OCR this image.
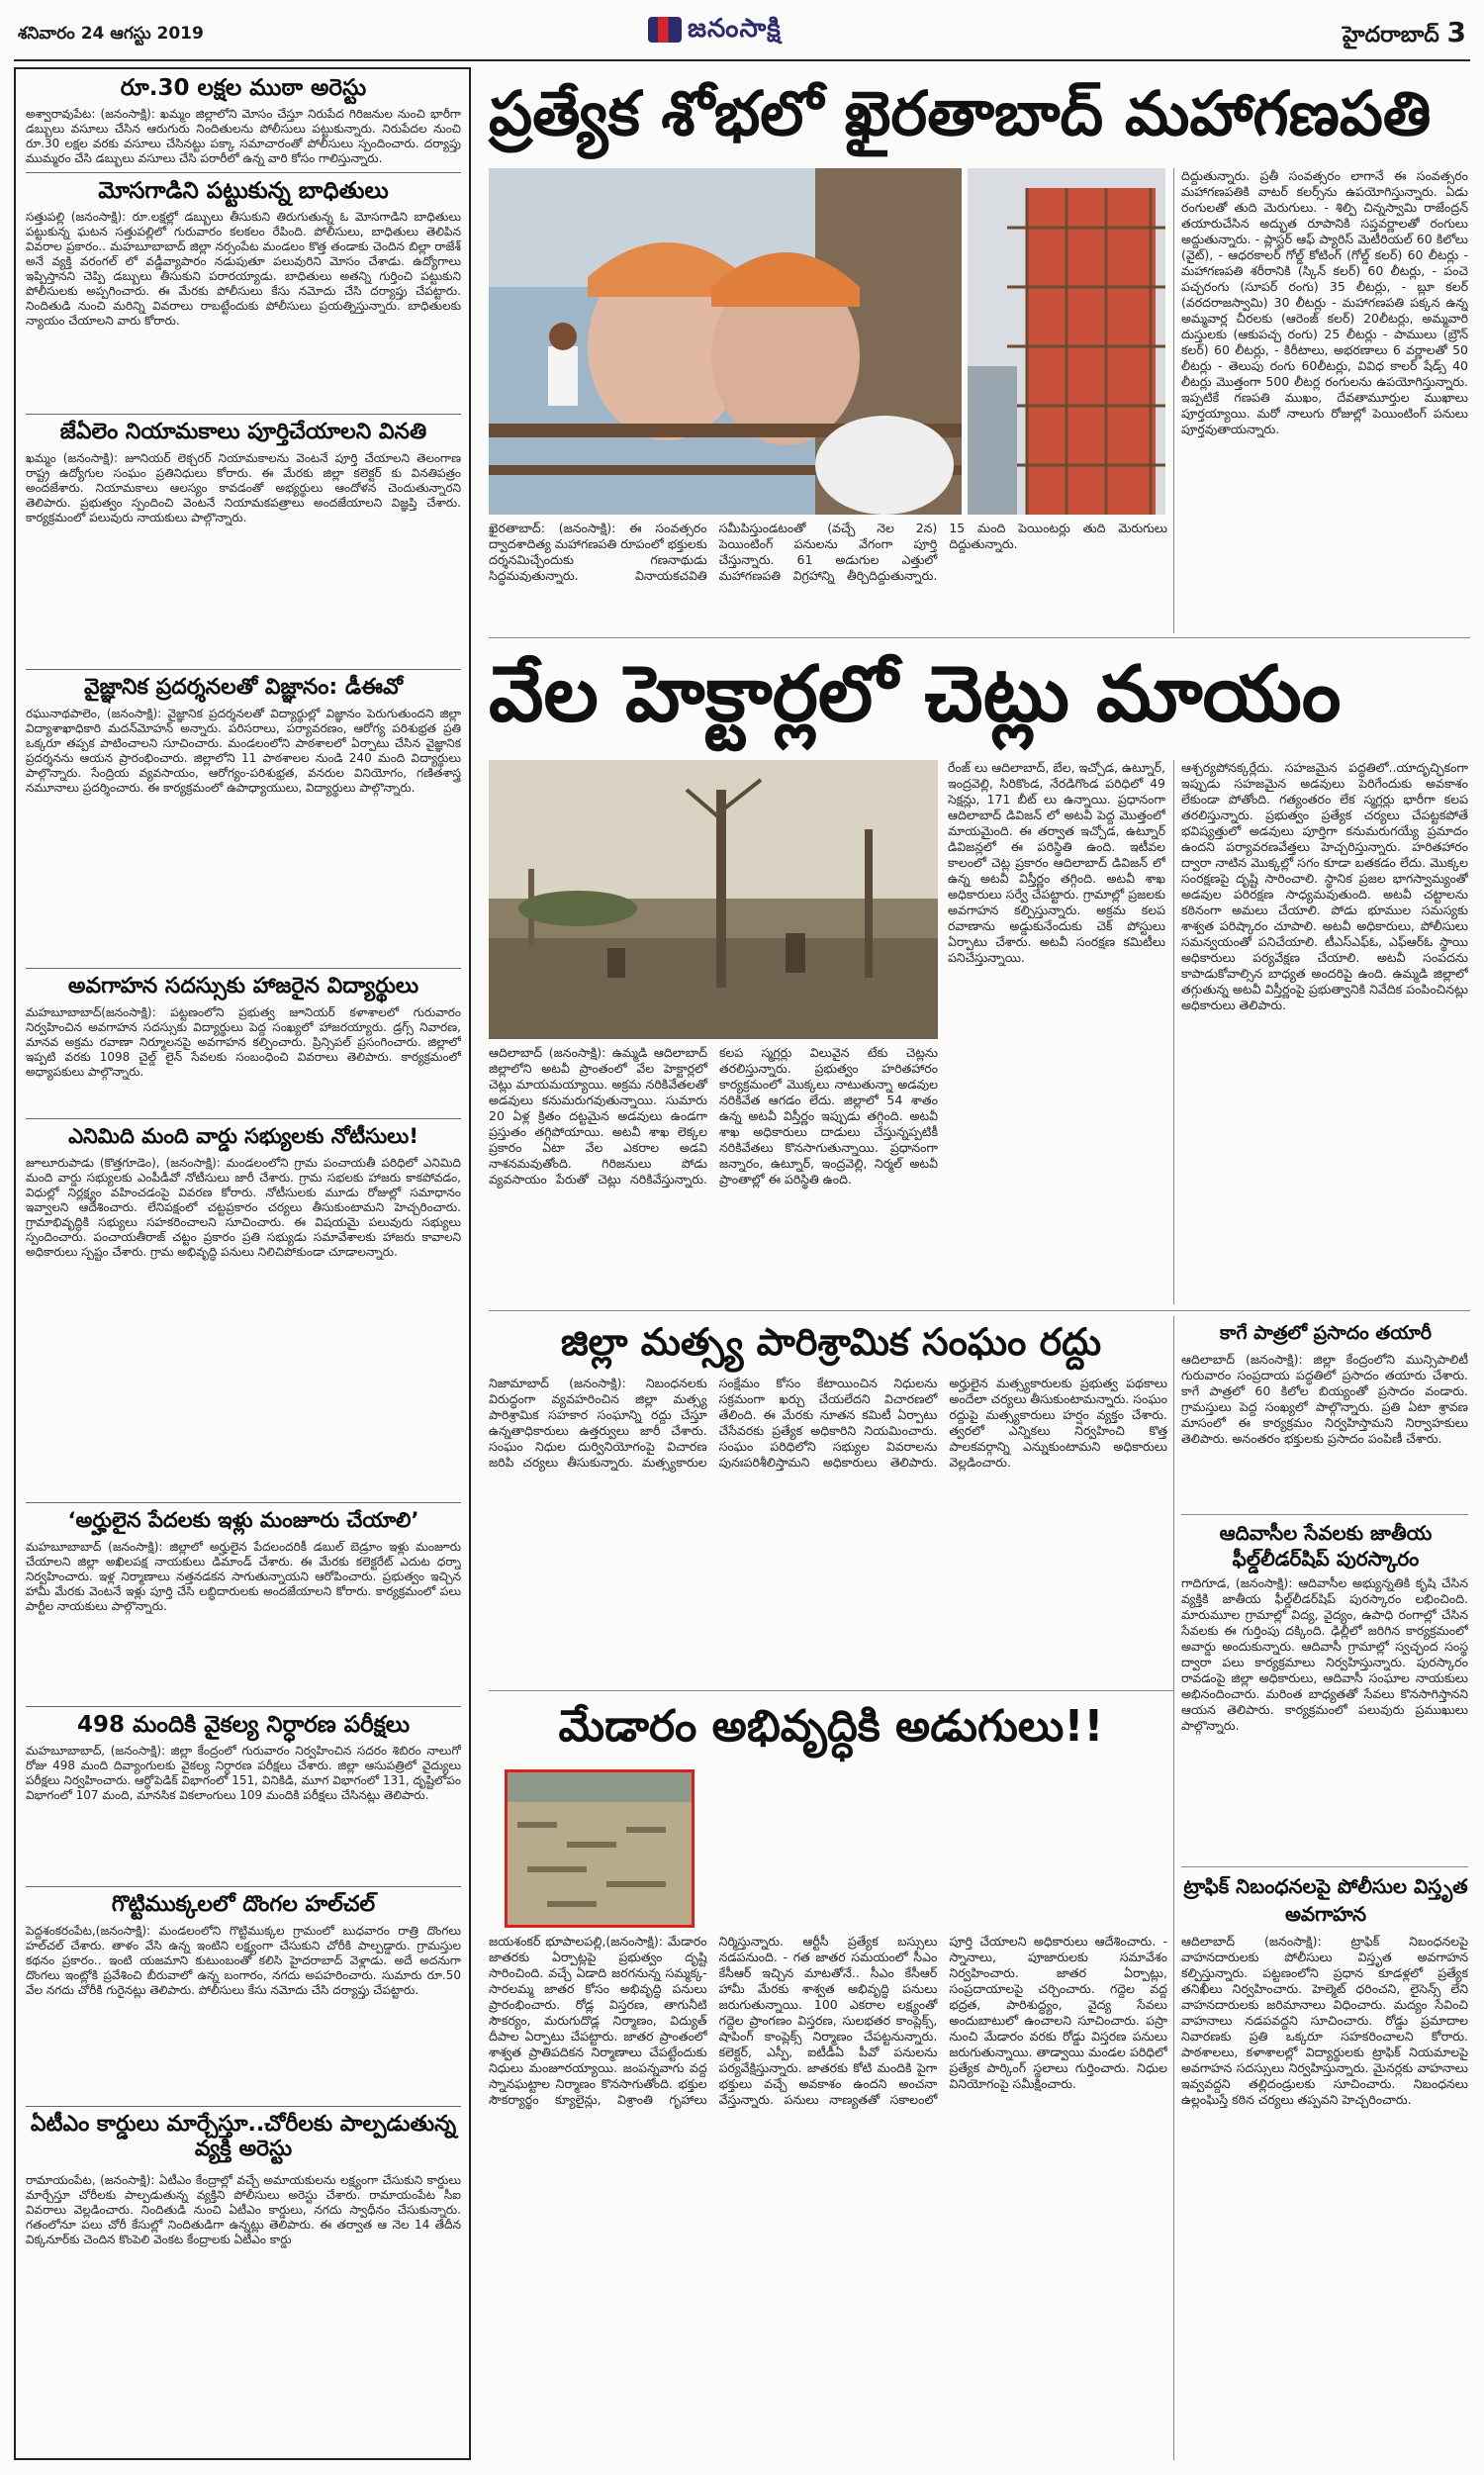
శనివారం 24 ఆగస్టు 2019	జనంసాక్షి	హైదరాబాద్ 3
రూ.30 లక్షల ముఠా అరెస్టు
అశ్వారావుపేట: (జనంసాక్షి): ఖమ్మం జిల్లాలోని మోసం చేస్తూ నిరుపేద గిరిజనుల నుంచి భారీగా డబ్బులు వసూలు చేసిన ఆరుగురు నిందితులను పోలీసులు పట్టుకున్నారు. నిరుపేదల నుంచి రూ.30 లక్షల వరకు వసూలు చేసినట్టు పక్కా సమాచారంతో పోలీసులు స్పందించారు. దర్యాప్తు ముమ్మరం చేసి డబ్బులు వసూలు చేసి పరారీలో ఉన్న వారి కోసం గాలిస్తున్నారు.
మోసగాడిని పట్టుకున్న బాధితులు
సత్తుపల్లి (జనంసాక్షి): రూ.లక్షల్లో డబ్బులు తీసుకుని తిరుగుతున్న ఓ మోసగాడిని బాధితులు పట్టుకున్న ఘటన సత్తుపల్లిలో గురువారం కలకలం రేపింది. పోలీసులు, బాధితులు తెలిపిన వివరాల ప్రకారం.. మహబూబాబాద్ జిల్లా నర్సంపేట మండలం కొత్త తండాకు చెందిన బిల్లా రాజేశ్ అనే వ్యక్తి వరంగల్ లో వడ్డీవ్యాపారం నడుపుతూ పలువురిని మోసం చేశాడు. ఉద్యోగాలు ఇప్పిస్తానని చెప్పి డబ్బులు తీసుకుని పరారయ్యాడు. బాధితులు అతన్ని గుర్తించి పట్టుకుని పోలీసులకు అప్పగించారు. ఈ మేరకు పోలీసులు కేసు నమోదు చేసి దర్యాప్తు చేపట్టారు. నిందితుడి నుంచి మరిన్ని వివరాలు రాబట్టేందుకు పోలీసులు ప్రయత్నిస్తున్నారు. బాధితులకు న్యాయం చేయాలని వారు కోరారు.
జేఏలెం నియామకాలు పూర్తిచేయాలని వినతి
ఖమ్మం (జనంసాక్షి): జూనియర్ లెక్చరర్ నియామకాలను వెంటనే పూర్తి చేయాలని తెలంగాణ రాష్ట్ర ఉద్యోగుల సంఘం ప్రతినిధులు కోరారు. ఈ మేరకు జిల్లా కలెక్టర్ కు వినతిపత్రం అందజేశారు. నియామకాలు ఆలస్యం కావడంతో అభ్యర్థులు ఆందోళన చెందుతున్నారని తెలిపారు. ప్రభుత్వం స్పందించి వెంటనే నియామకపత్రాలు అందజేయాలని విజ్ఞప్తి చేశారు. కార్యక్రమంలో పలువురు నాయకులు పాల్గొన్నారు.
వైజ్ఞానిక ప్రదర్శనలతో విజ్ఞానం: డీఈవో
రఘునాథపాలెం, (జనంసాక్షి): వైజ్ఞానిక ప్రదర్శనలతో విద్యార్థుల్లో విజ్ఞానం పెరుగుతుందని జిల్లా విద్యాశాఖాధికారి మదన్‌మోహన్ అన్నారు. పరిసరాలు, పర్యావరణం, ఆరోగ్య పరిశుభ్రత ప్రతి ఒక్కరూ తప్పక పాటించాలని సూచించారు. మండలంలోని పాఠశాలలో ఏర్పాటు చేసిన వైజ్ఞానిక ప్రదర్శనను ఆయన ప్రారంభించారు. జిల్లాలోని 11 పాఠశాలల నుండి 240 మంది విద్యార్థులు పాల్గొన్నారు. సేంద్రియ వ్యవసాయం, ఆరోగ్యం-పరిశుభ్రత, వనరుల వినియోగం, గణితశాస్త్ర నమూనాలు ప్రదర్శించారు. ఈ కార్యక్రమంలో ఉపాధ్యాయులు, విద్యార్థులు పాల్గొన్నారు.
అవగాహన సదస్సుకు హాజరైన విద్యార్థులు
మహబూబాబాద్(జనంసాక్షి): పట్టణంలోని ప్రభుత్వ జూనియర్ కళాశాలలో గురువారం నిర్వహించిన అవగాహన సదస్సుకు విద్యార్థులు పెద్ద సంఖ్యలో హాజరయ్యారు. డ్రగ్స్ నివారణ, మానవ అక్రమ రవాణా నిర్మూలనపై అవగాహన కల్పించారు. ప్రిన్సిపల్ ప్రసంగించారు. జిల్లాలో ఇప్పటి వరకు 1098 చైల్డ్ లైన్ సేవలకు సంబంధించి వివరాలు తెలిపారు. కార్యక్రమంలో అధ్యాపకులు పాల్గొన్నారు.
ఎనిమిది మంది వార్డు సభ్యులకు నోటీసులు!
జూలూరుపాడు (కొత్తగూడెం), (జనంసాక్షి): మండలంలోని గ్రామ పంచాయతీ పరిధిలో ఎనిమిది మంది వార్డు సభ్యులకు ఎంపీడీవో నోటీసులు జారీ చేశారు. గ్రామ సభలకు హాజరు కాకపోవడం, విధుల్లో నిర్లక్ష్యం వహించడంపై వివరణ కోరారు. నోటీసులకు మూడు రోజుల్లో సమాధానం ఇవ్వాలని ఆదేశించారు. లేనిపక్షంలో చట్టప్రకారం చర్యలు తీసుకుంటామని హెచ్చరించారు. గ్రామాభివృద్ధికి సభ్యులు సహకరించాలని సూచించారు. ఈ విషయమై పలువురు సభ్యులు స్పందించారు. పంచాయతీరాజ్ చట్టం ప్రకారం ప్రతి సభ్యుడు సమావేశాలకు హాజరు కావాలని అధికారులు స్పష్టం చేశారు. గ్రామ అభివృద్ధి పనులు నిలిచిపోకుండా చూడాలన్నారు.
‘అర్హులైన పేదలకు ఇళ్లు మంజూరు చేయాలి’
మహబూబాబాద్ (జనంసాక్షి): జిల్లాలో అర్హులైన పేదలందరికీ డబుల్ బెడ్రూం ఇళ్లు మంజూరు చేయాలని జిల్లా అఖిలపక్ష నాయకులు డిమాండ్ చేశారు. ఈ మేరకు కలెక్టరేట్ ఎదుట ధర్నా నిర్వహించారు. ఇళ్ల నిర్మాణాలు నత్తనడకన సాగుతున్నాయని ఆరోపించారు. ప్రభుత్వం ఇచ్చిన హామీ మేరకు వెంటనే ఇళ్లు పూర్తి చేసి లబ్ధిదారులకు అందజేయాలని కోరారు. కార్యక్రమంలో పలు పార్టీల నాయకులు పాల్గొన్నారు.
498 మందికి వైకల్య నిర్ధారణ పరీక్షలు
మహబూబాబాద్, (జనంసాక్షి): జిల్లా కేంద్రంలో గురువారం నిర్వహించిన సదరం శిబిరం నాలుగో రోజు 498 మంది దివ్యాంగులకు వైకల్య నిర్ధారణ పరీక్షలు చేశారు. జిల్లా ఆసుపత్రిలో వైద్యులు పరీక్షలు నిర్వహించారు. ఆర్థోపెడిక్ విభాగంలో 151, వినికిడి, మూగ విభాగంలో 131, దృష్టిలోపం విభాగంలో 107 మంది, మానసిక వికలాంగులు 109 మందికి పరీక్షలు చేసినట్లు తెలిపారు.
గొట్టిముక్కలలో దొంగల హల్‌చల్
పెద్దశంకరంపేట,(జనంసాక్షి): మండలంలోని గొట్టిముక్కల గ్రామంలో బుధవారం రాత్రి దొంగలు హల్‌చల్ చేశారు. తాళం వేసి ఉన్న ఇంటిని లక్ష్యంగా చేసుకుని చోరీకి పాల్పడ్డారు. గ్రామస్తుల కథనం ప్రకారం.. ఇంటి యజమాని కుటుంబంతో కలిసి హైదరాబాద్ వెళ్లాడు. అదే అదనుగా దొంగలు ఇంట్లోకి ప్రవేశించి బీరువాలో ఉన్న బంగారం, నగదు అపహరించారు. సుమారు రూ.50 వేల నగదు చోరీకి గురైనట్లు తెలిపారు. పోలీసులు కేసు నమోదు చేసి దర్యాప్తు చేపట్టారు.
ఏటీఎం కార్డులు మార్చేస్తూ..చోరీలకు పాల్పడుతున్న వ్యక్తి అరెస్టు
రామాయంపేట, (జనంసాక్షి): ఏటీఎం కేంద్రాల్లో వచ్చే అమాయకులను లక్ష్యంగా చేసుకుని కార్డులు మార్చేస్తూ చోరీలకు పాల్పడుతున్న వ్యక్తిని పోలీసులు అరెస్టు చేశారు. రామాయంపేట సీఐ వివరాలు వెల్లడించారు. నిందితుడి నుంచి ఏటీఎం కార్డులు, నగదు స్వాధీనం చేసుకున్నారు. గతంలోనూ పలు చోరీ కేసుల్లో నిందితుడిగా ఉన్నట్లు తెలిపారు. ఈ తర్వాత ఆ నెల 14 తేదీన విక్కనూర్‌కు చెందిన కొంపెలి వెంకట కేంద్రాలకు ఏటీఎం కార్డు
ప్రత్యేక శోభలో ఖైరతాబాద్ మహాగణపతి
ఖైరతాబాద్: (జనంసాక్షి): ఈ సంవత్సరం ద్వాదశాదిత్య మహాగణపతి రూపంలో భక్తులకు దర్శనమిచ్చేందుకు గణనాథుడు సిద్ధమవుతున్నారు. వినాయకచవితి సమీపిస్తుండటంతో (వచ్చే నెల 2న) పెయింటింగ్ పనులను వేగంగా పూర్తి చేస్తున్నారు. 61 అడుగుల ఎత్తులో మహాగణపతి విగ్రహాన్ని తీర్చిదిద్దుతున్నారు. 15 మంది పెయింటర్లు తుది మెరుగులు దిద్దుతున్నారు.
దిద్దుతున్నారు. ప్రతీ సంవత్సరం లాగానే ఈ సంవత్సరం మహాగణపతికి వాటర్ కలర్స్‌ను ఉపయోగిస్తున్నారు. ఏడు రంగులతో తుది మెరుగులు. - శిల్పి చిన్నస్వామి రాజేంద్రన్ తయారుచేసిన అద్భుత రూపానికి సప్తవర్ణాలతో రంగులు అద్దుతున్నారు. - ప్లాస్టర్ ఆఫ్ ప్యారిస్ మెటీరియల్ 60 కిలోలు (వైట్), - ఆధరకాలర్ గోల్డ్ కోటింగ్ (గోల్డ్ కలర్) 60 లీటర్లు - మహాగణపతి శరీరానికి (స్కిన్ కలర్) 60 లీటర్లు, - పంచె పచ్చరంగు (సూపర్ రంగు) 35 లీటర్లు, - బ్లూ కలర్ (వరదరాజస్వామి) 30 లీటర్లు - మహాగణపతి పక్కన ఉన్న అమ్మవార్ల చీరలకు (ఆరెంజ్ కలర్) 20లీటర్లు, అమ్మవారి దుస్తులకు (ఆకుపచ్చ రంగు) 25 లీటర్లు - పాములు (బ్రౌన్ కలర్) 60 లీటర్లు, - కిరీటాలు, అభరణాలు 6 వర్ణాలతో 50 లీటర్లు - తెలుపు రంగు 60లీటర్లు, వివిధ కాలర్ షేడ్స్ 40 లీటర్లు మొత్తంగా 500 లీటర్ల రంగులను ఉపయోగిస్తున్నారు. ఇప్పటికే గణపతి ముఖం, దేవతామూర్తుల ముఖాలు పూర్తయ్యాయి. మరో నాలుగు రోజుల్లో పెయింటింగ్ పనులు పూర్తవుతాయన్నారు.
వేల హెక్టార్లలో చెట్లు మాయం
ఆదిలాబాద్ (జనంసాక్షి): ఉమ్మడి ఆదిలాబాద్ జిల్లాలోని అటవీ ప్రాంతంలో వేల హెక్టార్లలో చెట్లు మాయమయ్యాయి. అక్రమ నరికివేతలతో అడవులు కనుమరుగవుతున్నాయి. సుమారు 20 ఏళ్ల క్రితం దట్టమైన అడవులు ఉండగా ప్రస్తుతం తగ్గిపోయాయి. అటవీ శాఖ లెక్కల ప్రకారం ఏటా వేల ఎకరాల అడవి నాశనమవుతోంది. గిరిజనులు పోడు వ్యవసాయం పేరుతో చెట్లు నరికివేస్తున్నారు. కలప స్మగ్లర్లు విలువైన టేకు చెట్లను తరలిస్తున్నారు. ప్రభుత్వం హరితహారం కార్యక్రమంలో మొక్కలు నాటుతున్నా అడవుల నరికివేత ఆగడం లేదు. జిల్లాలో 54 శాతం ఉన్న అటవీ విస్తీర్ణం ఇప్పుడు తగ్గింది. అటవీ శాఖ అధికారులు దాడులు చేస్తున్నప్పటికీ నరికివేతలు కొనసాగుతున్నాయి. ప్రధానంగా జన్నారం, ఉట్నూర్, ఇంద్రవెల్లి, నిర్మల్ అటవీ ప్రాంతాల్లో ఈ పరిస్థితి ఉంది.
రేంజ్ లు ఆదిలాబాద్, బేల, ఇచ్చోడ, ఉట్నూర్, ఇంద్రవెల్లి, సిరికొండ, నేరడిగొండ పరిధిలో 49 సెక్షన్లు, 171 బీట్ లు ఉన్నాయి. ప్రధానంగా ఆదిలాబాద్ డివిజన్ లో అటవీ పెద్ద మొత్తంలో మాయమైంది. ఈ తర్వాత ఇచ్చోడ, ఉట్నూర్ డివిజన్లలో ఈ పరిస్థితి ఉంది. ఇటీవల కాలంలో చెట్ల ప్రకారం ఆదిలాబాద్ డివిజన్ లో ఉన్న అటవీ విస్తీర్ణం తగ్గింది. అటవీ శాఖ అధికారులు సర్వే చేపట్టారు. గ్రామాల్లో ప్రజలకు అవగాహన కల్పిస్తున్నారు. అక్రమ కలప రవాణాను అడ్డుకునేందుకు చెక్ పోస్టులు ఏర్పాటు చేశారు. అటవీ సంరక్షణ కమిటీలు పనిచేస్తున్నాయి.
ఆశ్చర్యపోనక్కర్లేదు. సహజమైన పద్ధతిలో..యాదృచ్ఛికంగా ఇప్పుడు సహజమైన అడవులు పెరిగేందుకు అవకాశం లేకుండా పోతోంది. గత్యంతరం లేక స్మగ్లర్లు భారీగా కలప తరలిస్తున్నారు. ప్రభుత్వం ప్రత్యేక చర్యలు చేపట్టకపోతే భవిష్యత్తులో అడవులు పూర్తిగా కనుమరుగయ్యే ప్రమాదం ఉందని పర్యావరణవేత్తలు హెచ్చరిస్తున్నారు. హరితహారం ద్వారా నాటిన మొక్కల్లో సగం కూడా బతకడం లేదు. మొక్కల సంరక్షణపై దృష్టి సారించాలి. స్థానిక ప్రజల భాగస్వామ్యంతో అడవుల పరిరక్షణ సాధ్యమవుతుంది. అటవీ చట్టాలను కఠినంగా అమలు చేయాలి. పోడు భూముల సమస్యకు శాశ్వత పరిష్కారం చూపాలి. అటవీ అధికారులు, పోలీసులు సమన్వయంతో పనిచేయాలి. టీఎస్ఎఫ్ఓ, ఎఫ్‌ఆర్‌ఓ స్థాయి అధికారులు పర్యవేక్షణ చేయాలి. అటవీ సంపదను కాపాడుకోవాల్సిన బాధ్యత అందరిపై ఉంది. ఉమ్మడి జిల్లాలో తగ్గుతున్న అటవీ విస్తీర్ణంపై ప్రభుత్వానికి నివేదిక పంపించినట్లు అధికారులు తెలిపారు.
జిల్లా మత్స్య పారిశ్రామిక సంఘం రద్దు
నిజామాబాద్ (జనంసాక్షి): నిబంధనలకు విరుద్ధంగా వ్యవహరించిన జిల్లా మత్స్య పారిశ్రామిక సహకార సంఘాన్ని రద్దు చేస్తూ ఉన్నతాధికారులు ఉత్తర్వులు జారీ చేశారు. సంఘం నిధుల దుర్వినియోగంపై విచారణ జరిపి చర్యలు తీసుకున్నారు. మత్స్యకారుల సంక్షేమం కోసం కేటాయించిన నిధులను సక్రమంగా ఖర్చు చేయలేదని విచారణలో తేలింది. ఈ మేరకు నూతన కమిటీ ఏర్పాటు చేసేవరకు ప్రత్యేక అధికారిని నియమించారు. సంఘం పరిధిలోని సభ్యుల వివరాలను పునఃపరిశీలిస్తామని అధికారులు తెలిపారు. అర్హులైన మత్స్యకారులకు ప్రభుత్వ పథకాలు అందేలా చర్యలు తీసుకుంటామన్నారు. సంఘం రద్దుపై మత్స్యకారులు హర్షం వ్యక్తం చేశారు. త్వరలో ఎన్నికలు నిర్వహించి కొత్త పాలకవర్గాన్ని ఎన్నుకుంటామని అధికారులు వెల్లడించారు.
మేడారం అభివృద్ధికి అడుగులు!!
జయశంకర్ భూపాలపల్లి,(జనంసాక్షి): మేడారం జాతరకు ఏర్పాట్లపై ప్రభుత్వం దృష్టి సారించింది. వచ్చే ఏడాది జరగనున్న సమ్మక్క-సారలమ్మ జాతర కోసం అభివృద్ధి పనులు ప్రారంభించారు. రోడ్ల విస్తరణ, తాగునీటి సౌకర్యం, మరుగుదొడ్ల నిర్మాణం, విద్యుత్ దీపాల ఏర్పాటు చేపట్టారు. జాతర ప్రాంతంలో శాశ్వత ప్రాతిపదికన నిర్మాణాలు చేపట్టేందుకు నిధులు మంజూరయ్యాయి. జంపన్నవాగు వద్ద స్నానఘట్టాల నిర్మాణం కొనసాగుతోంది. భక్తుల సౌకర్యార్థం క్యూలైన్లు, విశ్రాంతి గృహాలు నిర్మిస్తున్నారు. ఆర్టీసీ ప్రత్యేక బస్సులు నడపనుంది. - గత జాతర సమయంలో సీఎం కేసీఆర్ ఇచ్చిన మాటతోనే.. సీఎం కేసీఆర్ హామీ మేరకు శాశ్వత అభివృద్ధి పనులు జరుగుతున్నాయి. 100 ఎకరాల లక్ష్యంతో గద్దెల ప్రాంగణం విస్తరణ, సులభతర కాంప్లెక్స్, షాపింగ్ కాంప్లెక్స్ నిర్మాణం చేపట్టనున్నారు. కలెక్టర్, ఎస్పీ, ఐటీడీఏ పీవో పనులను పర్యవేక్షిస్తున్నారు. జాతరకు కోటి మందికి పైగా భక్తులు వచ్చే అవకాశం ఉందని అంచనా వేస్తున్నారు. పనులు నాణ్యతతో సకాలంలో పూర్తి చేయాలని అధికారులు ఆదేశించారు. - స్నానాలు, పూజారులకు సమావేశం నిర్వహించారు. జాతర ఏర్పాట్లు, సంప్రదాయాలపై చర్చించారు. గద్దెల వద్ద భద్రత, పారిశుద్ధ్యం, వైద్య సేవలు అందుబాటులో ఉంచాలని సూచించారు. పస్రా నుంచి మేడారం వరకు రోడ్డు విస్తరణ పనులు జరుగుతున్నాయి. తాడ్వాయి మండల పరిధిలో ప్రత్యేక పార్కింగ్ స్థలాలు గుర్తించారు. నిధుల వినియోగంపై సమీక్షించారు.
కాగే పాత్రలో ప్రసాదం తయారీ
ఆదిలాబాద్ (జనంసాక్షి): జిల్లా కేంద్రంలోని మున్సిపాలిటీ గురువారం సంప్రదాయ పద్ధతిలో ప్రసాదం తయారు చేశారు. కాగే పాత్రలో 60 కిలోల బియ్యంతో ప్రసాదం వండారు. గ్రామస్తులు పెద్ద సంఖ్యలో పాల్గొన్నారు. ప్రతి ఏటా శ్రావణ మాసంలో ఈ కార్యక్రమం నిర్వహిస్తామని నిర్వాహకులు తెలిపారు. అనంతరం భక్తులకు ప్రసాదం పంపిణీ చేశారు.
ఆదివాసీల సేవలకు జాతీయ ఫీల్డ్‌లీడర్‌షిప్ పురస్కారం
గాదిగూడ, (జనంసాక్షి): ఆదివాసీల అభ్యున్నతికి కృషి చేసిన వ్యక్తికి జాతీయ ఫీల్డ్‌లీడర్‌షిప్ పురస్కారం లభించింది. మారుమూల గ్రామాల్లో విద్య, వైద్యం, ఉపాధి రంగాల్లో చేసిన సేవలకు ఈ గుర్తింపు దక్కింది. ఢిల్లీలో జరిగిన కార్యక్రమంలో అవార్డు అందుకున్నారు. ఆదివాసీ గ్రామాల్లో స్వచ్ఛంద సంస్థ ద్వారా పలు కార్యక్రమాలు నిర్వహిస్తున్నారు. పురస్కారం రావడంపై జిల్లా అధికారులు, ఆదివాసీ సంఘాల నాయకులు అభినందించారు. మరింత బాధ్యతతో సేవలు కొనసాగిస్తానని ఆయన తెలిపారు. కార్యక్రమంలో పలువురు ప్రముఖులు పాల్గొన్నారు.
ట్రాఫిక్ నిబంధనలపై పోలీసుల విస్తృత అవగాహన
ఆదిలాబాద్ (జనంసాక్షి): ట్రాఫిక్ నిబంధనలపై వాహనదారులకు పోలీసులు విస్తృత అవగాహన కల్పిస్తున్నారు. పట్టణంలోని ప్రధాన కూడళ్లలో ప్రత్యేక తనిఖీలు నిర్వహించారు. హెల్మెట్ ధరించని, లైసెన్స్ లేని వాహనదారులకు జరిమానాలు విధించారు. మద్యం సేవించి వాహనాలు నడపవద్దని సూచించారు. రోడ్డు ప్రమాదాల నివారణకు ప్రతి ఒక్కరూ సహకరించాలని కోరారు. పాఠశాలలు, కళాశాలల్లో విద్యార్థులకు ట్రాఫిక్ నియమాలపై అవగాహన సదస్సులు నిర్వహిస్తున్నారు. మైనర్లకు వాహనాలు ఇవ్వవద్దని తల్లిదండ్రులకు సూచించారు. నిబంధనలు ఉల్లంఘిస్తే కఠిన చర్యలు తప్పవని హెచ్చరించారు.
